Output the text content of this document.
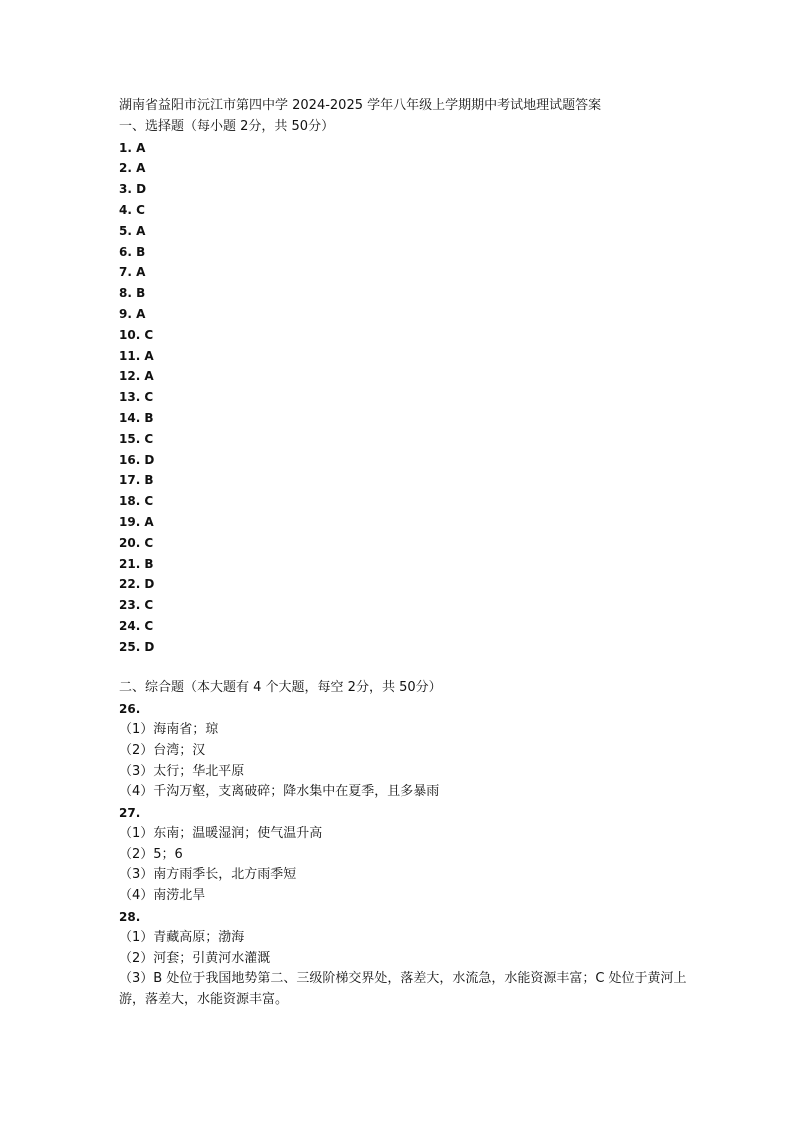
湖南省益阳市沅江市第四中学 2024-2025 学年八年级上学期期中考试地理试题答案
一、选择题（每小题 2分，共 50分）
1. A
2. A
3. D
4. C
5. A
6. B
7. A
8. B
9. A
10. C
11. A
12. A
13. C
14. B
15. C
16. D
17. B
18. C
19. A
20. C
21. B
22. D
23. C
24. C
25. D
二、综合题（本大题有 4 个大题，每空 2分，共 50分）
26.
（1）海南省；琼
（2）台湾；汉
（3）太行；华北平原
（4）千沟万壑，支离破碎；降水集中在夏季，且多暴雨
27.
（1）东南；温暖湿润；使气温升高
（2）5；6
（3）南方雨季长，北方雨季短
（4）南涝北旱
28.
（1）青藏高原；渤海
（2）河套；引黄河水灌溉
（3）B 处位于我国地势第二、三级阶梯交界处，落差大，水流急，水能资源丰富；C 处位于黄河上游，落差大，水能资源丰富。
